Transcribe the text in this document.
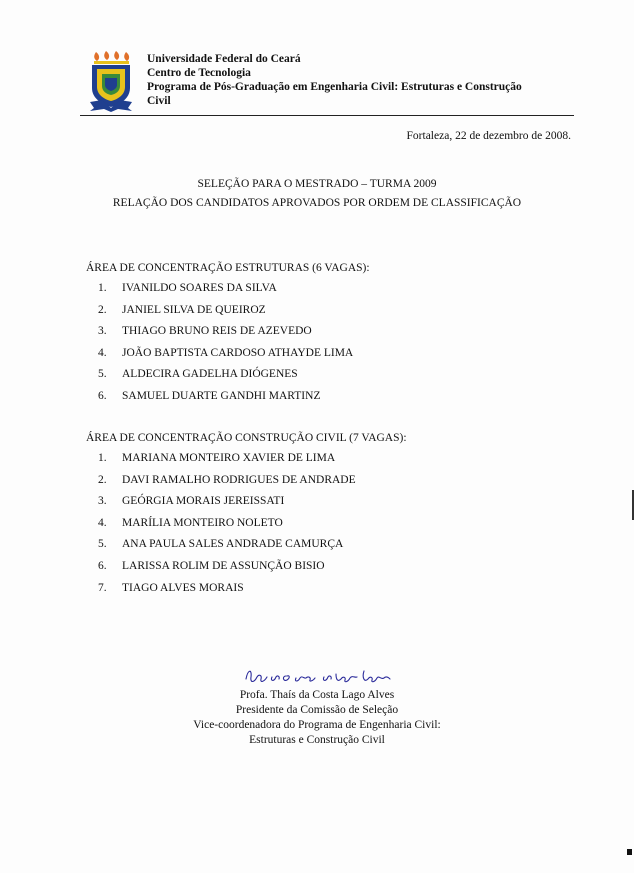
Universidade Federal do Ceará
Centro de Tecnologia
Programa de Pós-Graduação em Engenharia Civil: Estruturas e Construção
Civil
Fortaleza, 22 de dezembro de 2008.
SELEÇÃO PARA O MESTRADO – TURMA 2009
RELAÇÃO DOS CANDIDATOS APROVADOS POR ORDEM DE CLASSIFICAÇÃO
ÁREA DE CONCENTRAÇÃO ESTRUTURAS (6 VAGAS):
1.	IVANILDO SOARES DA SILVA
2.	JANIEL SILVA DE QUEIROZ
3.	THIAGO BRUNO REIS DE AZEVEDO
4.	JOÃO BAPTISTA CARDOSO ATHAYDE LIMA
5.	ALDECIRA GADELHA DIÓGENES
6.	SAMUEL DUARTE GANDHI MARTINZ
ÁREA DE CONCENTRAÇÃO CONSTRUÇÃO CIVIL (7 VAGAS):
1.	MARIANA MONTEIRO XAVIER DE LIMA
2.	DAVI RAMALHO RODRIGUES DE ANDRADE
3.	GEÓRGIA MORAIS JEREISSATI
4.	MARÍLIA MONTEIRO NOLETO
5.	ANA PAULA SALES ANDRADE CAMURÇA
6.	LARISSA ROLIM DE ASSUNÇÃO BISIO
7.	TIAGO ALVES MORAIS
Profa. Thaís da Costa Lago Alves
Presidente da Comissão de Seleção
Vice-coordenadora do Programa de Engenharia Civil:
Estruturas e Construção Civil
